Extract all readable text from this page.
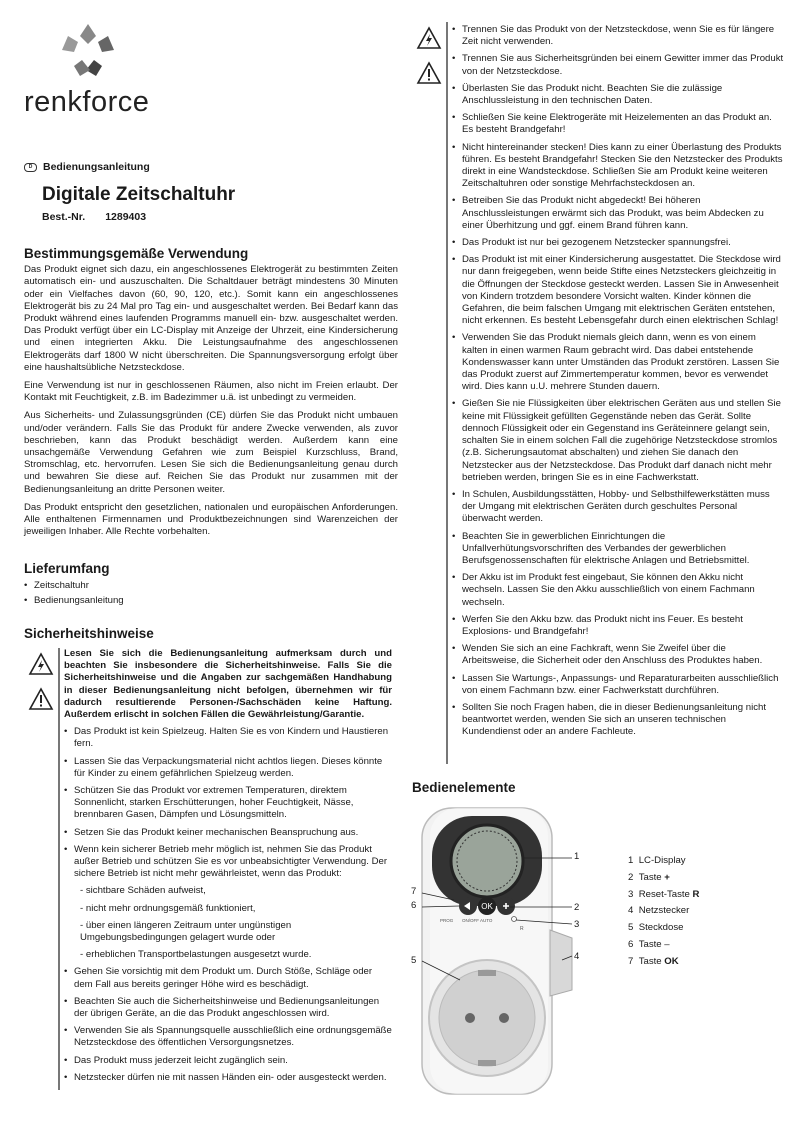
renkforce
D	Bedienungsanleitung
Digitale Zeitschaltuhr
Best.-Nr. 1289403
Bestimmungsgemäße Verwendung

Das Produkt eignet sich dazu, ein angeschlossenes Elektrogerät zu bestimmten Zeiten automatisch ein- und auszuschalten. Die Schaltdauer beträgt mindestens 30 Minuten oder ein Vielfaches davon (60, 90, 120, etc.). Somit kann ein angeschlossenes Elektrogerät bis zu 24 Mal pro Tag ein- und ausgeschaltet werden. Bei Bedarf kann das Produkt während eines laufenden Programms manuell ein- bzw. ausgeschaltet werden. Das Produkt verfügt über ein LC-Display mit Anzeige der Uhrzeit, eine Kindersicherung und einen integrierten Akku. Die Leistungsaufnahme des angeschlossenen Elektrogeräts darf 1800 W nicht überschreiten. Die Spannungsversorgung erfolgt über eine haushaltsübliche Netzsteckdose.

Eine Verwendung ist nur in geschlossenen Räumen, also nicht im Freien erlaubt. Der Kontakt mit Feuchtigkeit, z.B. im Badezimmer u.ä. ist unbedingt zu vermeiden.

Aus Sicherheits- und Zulassungsgründen (CE) dürfen Sie das Produkt nicht umbauen und/oder verändern. Falls Sie das Produkt für andere Zwecke verwenden, als zuvor beschrieben, kann das Produkt beschädigt werden. Außerdem kann eine unsachgemäße Verwendung Gefahren wie zum Beispiel Kurzschluss, Brand, Stromschlag, etc. hervorrufen. Lesen Sie sich die Bedienungsanleitung genau durch und bewahren Sie diese auf. Reichen Sie das Produkt nur zusammen mit der Bedienungsanleitung an dritte Personen weiter.

Das Produkt entspricht den gesetzlichen, nationalen und europäischen Anforderungen. Alle enthaltenen Firmennamen und Produktbezeichnungen sind Warenzeichen der jeweiligen Inhaber. Alle Rechte vorbehalten.

Lieferumfang
• Zeitschaltuhr
• Bedienungsanleitung
Sicherheitshinweise

Lesen Sie sich die Bedienungsanleitung aufmerksam durch und beachten Sie insbesondere die Sicherheitshinweise. Falls Sie die Sicherheitshinweise und die Angaben zur sachgemäßen Handhabung in dieser Bedienungsanleitung nicht befolgen, übernehmen wir für dadurch resultierende Personen-/Sachschäden keine Haftung. Außerdem erlischt in solchen Fällen die Gewährleistung/Garantie.

• Das Produkt ist kein Spielzeug. Halten Sie es von Kindern und Haustieren fern.
• Lassen Sie das Verpackungsmaterial nicht achtlos liegen. Dieses könnte für Kinder zu einem gefährlichen Spielzeug werden.
• Schützen Sie das Produkt vor extremen Temperaturen, direktem Sonnenlicht, starken Erschütterungen, hoher Feuchtigkeit, Nässe, brennbaren Gasen, Dämpfen und Lösungsmitteln.
• Setzen Sie das Produkt keiner mechanischen Beanspruchung aus.
• Wenn kein sicherer Betrieb mehr möglich ist, nehmen Sie das Produkt außer Betrieb und schützen Sie es vor unbeabsichtigter Verwendung. Der sichere Betrieb ist nicht mehr gewährleistet, wenn das Produkt:
- sichtbare Schäden aufweist,
- nicht mehr ordnungsgemäß funktioniert,
- über einen längeren Zeitraum unter ungünstigen Umgebungsbedingungen gelagert wurde oder
- erheblichen Transportbelastungen ausgesetzt wurde.
• Gehen Sie vorsichtig mit dem Produkt um. Durch Stöße, Schläge oder dem Fall aus bereits geringer Höhe wird es beschädigt.
• Beachten Sie auch die Sicherheitshinweise und Bedienungsanleitungen der übrigen Geräte, an die das Produkt angeschlossen wird.
• Verwenden Sie als Spannungsquelle ausschließlich eine ordnungsgemäße Netzsteckdose des öffentlichen Versorgungsnetzes.
• Das Produkt muss jederzeit leicht zugänglich sein.
• Netzstecker dürfen nie mit nassen Händen ein- oder ausgesteckt werden.

• Trennen Sie das Produkt von der Netzsteckdose, wenn Sie es für längere Zeit nicht verwenden.
• Trennen Sie aus Sicherheitsgründen bei einem Gewitter immer das Produkt von der Netzsteckdose.
• Überlasten Sie das Produkt nicht. Beachten Sie die zulässige Anschlussleistung in den technischen Daten.
• Schließen Sie keine Elektrogeräte mit Heizelementen an das Produkt an. Es besteht Brandgefahr!
• Nicht hintereinander stecken! Dies kann zu einer Überlastung des Produkts führen. Es besteht Brandgefahr! Stecken Sie den Netzstecker des Produkts direkt in eine Wandsteckdose. Schließen Sie am Produkt keine weiteren Zeitschaltuhren oder sonstige Mehrfachsteckdosen an.
• Betreiben Sie das Produkt nicht abgedeckt! Bei höheren Anschlussleistungen erwärmt sich das Produkt, was beim Abdecken zu einer Überhitzung und ggf. einem Brand führen kann.
• Das Produkt ist nur bei gezogenem Netzstecker spannungsfrei.
• Das Produkt ist mit einer Kindersicherung ausgestattet. Die Steckdose wird nur dann freigegeben, wenn beide Stifte eines Netzsteckers gleichzeitig in die Öffnungen der Steckdose gesteckt werden. Lassen Sie in Anwesenheit von Kindern trotzdem besondere Vorsicht walten. Kinder können die Gefahren, die beim falschen Umgang mit elektrischen Geräten entstehen, nicht erkennen. Es besteht Lebensgefahr durch einen elektrischen Schlag!
• Verwenden Sie das Produkt niemals gleich dann, wenn es von einem kalten in einen warmen Raum gebracht wird. Das dabei entstehende Kondenswasser kann unter Umständen das Produkt zerstören. Lassen Sie das Produkt zuerst auf Zimmertemperatur kommen, bevor es verwendet wird. Dies kann u.U. mehrere Stunden dauern.
• Gießen Sie nie Flüssigkeiten über elektrischen Geräten aus und stellen Sie keine mit Flüssigkeit gefüllten Gegenstände neben das Gerät. Sollte dennoch Flüssigkeit oder ein Gegenstand ins Geräteinnere gelangt sein, schalten Sie in einem solchen Fall die zugehörige Netzsteckdose stromlos (z.B. Sicherungsautomat abschalten) und ziehen Sie danach den Netzstecker aus der Netzsteckdose. Das Produkt darf danach nicht mehr betrieben werden, bringen Sie es in eine Fachwerkstatt.
• In Schulen, Ausbildungsstätten, Hobby- und Selbsthilfewerkstätten muss der Umgang mit elektrischen Geräten durch geschultes Personal überwacht werden.
• Beachten Sie in gewerblichen Einrichtungen die Unfallverhütungsvorschriften des Verbandes der gewerblichen Berufsgenossenschaften für elektrische Anlagen und Betriebsmittel.
• Der Akku ist im Produkt fest eingebaut, Sie können den Akku nicht wechseln. Lassen Sie den Akku ausschließlich von einem Fachmann wechseln.
• Werfen Sie den Akku bzw. das Produkt nicht ins Feuer. Es besteht Explosions- und Brandgefahr!
• Wenden Sie sich an eine Fachkraft, wenn Sie Zweifel über die Arbeitsweise, die Sicherheit oder den Anschluss des Produktes haben.
• Lassen Sie Wartungs-, Anpassungs- und Reparaturarbeiten ausschließlich von einem Fachmann bzw. einer Fachwerkstatt durchführen.
• Sollten Sie noch Fragen haben, die in dieser Bedienungsanleitung nicht beantwortet werden, wenden Sie sich an unseren technischen Kundendienst oder an andere Fachleute.
Bedienelemente
OK
PROG ON/OFF AUTO
R
1
2
3
4
5
6
7
1 LC-Display
2 Taste +
3 Reset-Taste R
4 Netzstecker
5 Steckdose
6 Taste –
7 Taste OK
